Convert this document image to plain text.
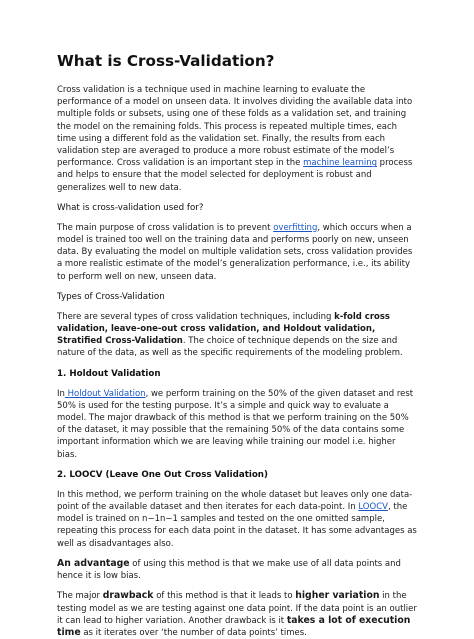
What is Cross-Validation?

Cross validation is a technique used in machine learning to evaluate the performance of a model on unseen data. It involves dividing the available data into multiple folds or subsets, using one of these folds as a validation set, and training the model on the remaining folds. This process is repeated multiple times, each time using a different fold as the validation set. Finally, the results from each validation step are averaged to produce a more robust estimate of the model’s performance. Cross validation is an important step in the machine learning process and helps to ensure that the model selected for deployment is robust and generalizes well to new data.

What is cross-validation used for?

The main purpose of cross validation is to prevent overfitting, which occurs when a model is trained too well on the training data and performs poorly on new, unseen data. By evaluating the model on multiple validation sets, cross validation provides a more realistic estimate of the model’s generalization performance, i.e., its ability to perform well on new, unseen data.

Types of Cross-Validation

There are several types of cross validation techniques, including k-fold cross validation, leave-one-out cross validation, and Holdout validation, Stratified Cross-Validation. The choice of technique depends on the size and nature of the data, as well as the specific requirements of the modeling problem.

1. Holdout Validation

In Holdout Validation, we perform training on the 50% of the given dataset and rest 50% is used for the testing purpose. It’s a simple and quick way to evaluate a model. The major drawback of this method is that we perform training on the 50% of the dataset, it may possible that the remaining 50% of the data contains some important information which we are leaving while training our model i.e. higher bias.

2. LOOCV (Leave One Out Cross Validation)

In this method, we perform training on the whole dataset but leaves only one data-point of the available dataset and then iterates for each data-point. In LOOCV, the model is trained on n−1n−1 samples and tested on the one omitted sample, repeating this process for each data point in the dataset. It has some advantages as well as disadvantages also.

An advantage of using this method is that we make use of all data points and hence it is low bias.

The major drawback of this method is that it leads to higher variation in the testing model as we are testing against one data point. If the data point is an outlier it can lead to higher variation. Another drawback is it takes a lot of execution time as it iterates over ‘the number of data points’ times.
